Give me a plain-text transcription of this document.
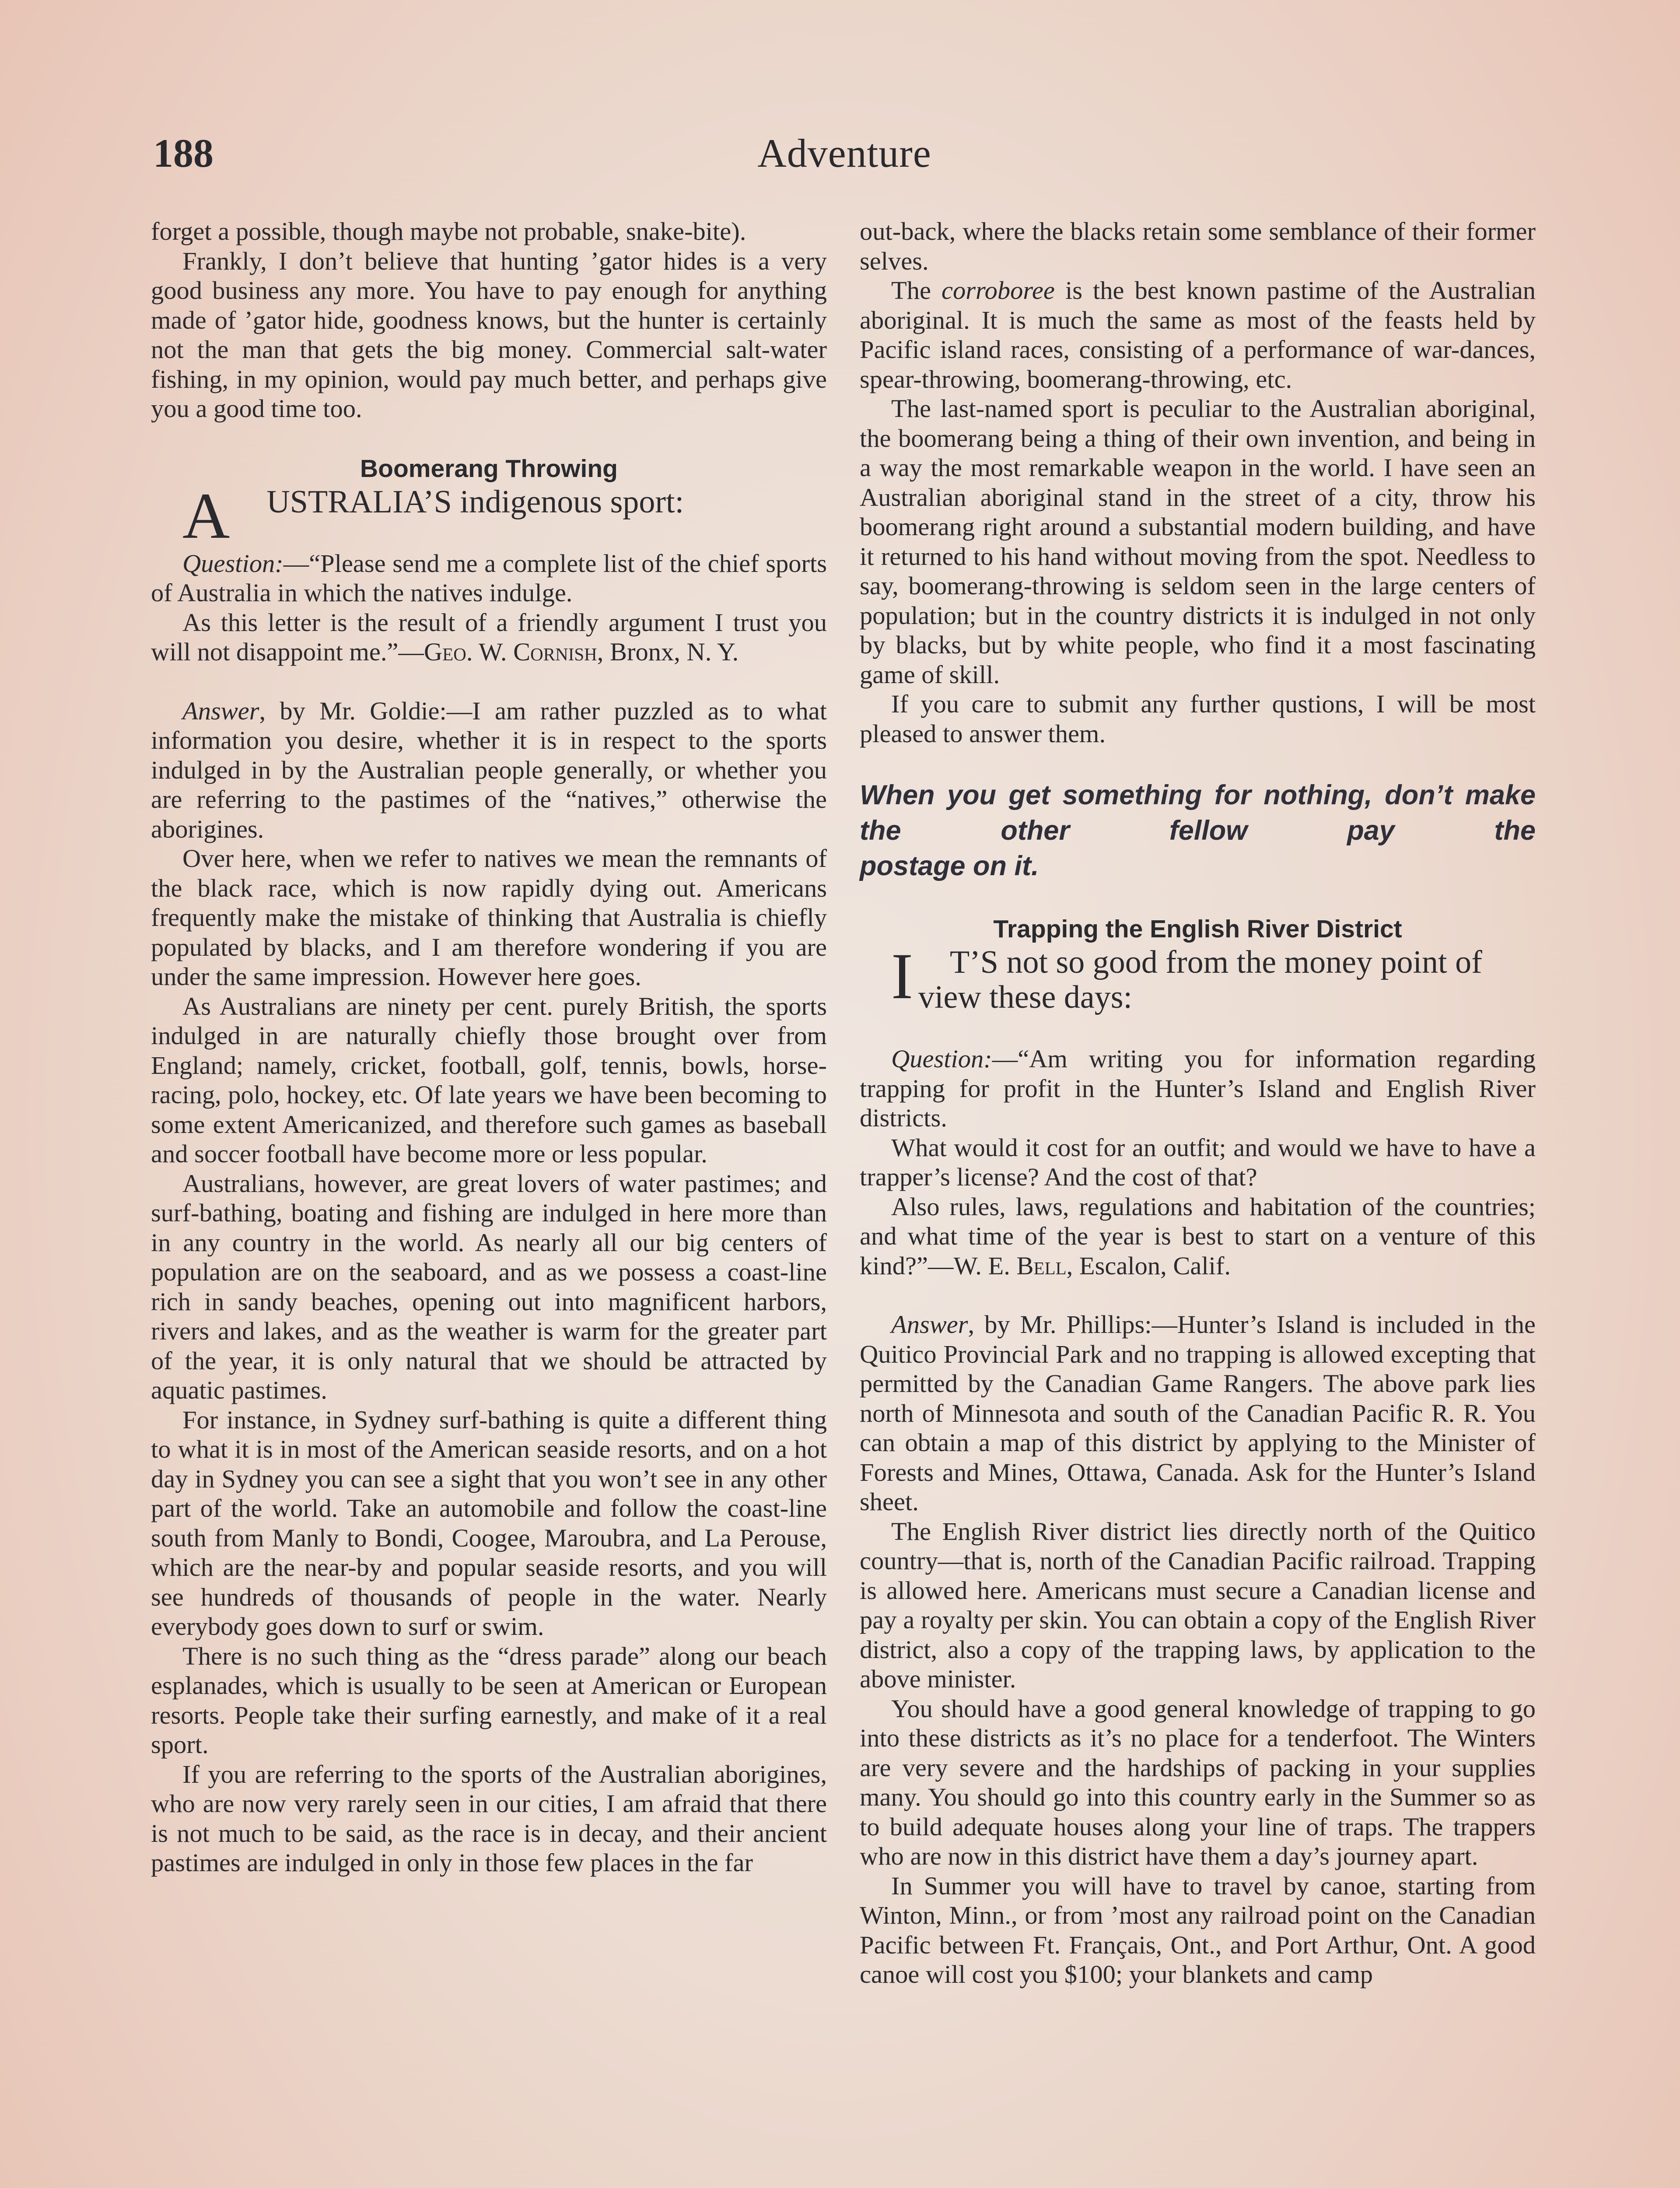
188	Adventure

forget a possible, though maybe not probable, snake-bite).

Frankly, I don’t believe that hunting ’gator hides is a very good business any more. You have to pay enough for anything made of ’gator hide, goodness knows, but the hunter is certainly not the man that gets the big money. Commercial salt-water fishing, in my opinion, would pay much better, and perhaps give you a good time too.

Boomerang Throwing

A USTRALIA’S indigenous sport:

Question:—“Please send me a complete list of the chief sports of Australia in which the natives indulge.

As this letter is the result of a friendly argument I trust you will not disappoint me.”—Geo. W. Cornish, Bronx, N. Y.

Answer, by Mr. Goldie:—I am rather puzzled as to what information you desire, whether it is in respect to the sports indulged in by the Australian people generally, or whether you are referring to the pastimes of the “natives,” otherwise the aborigines.

Over here, when we refer to natives we mean the remnants of the black race, which is now rapidly dying out. Americans frequently make the mistake of thinking that Australia is chiefly populated by blacks, and I am therefore wondering if you are under the same impression. However here goes.

As Australians are ninety per cent. purely British, the sports indulged in are naturally chiefly those brought over from England; namely, cricket, football, golf, tennis, bowls, horse-racing, polo, hockey, etc. Of late years we have been becoming to some extent Americanized, and therefore such games as baseball and soccer football have become more or less popular.

Australians, however, are great lovers of water pastimes; and surf-bathing, boating and fishing are indulged in here more than in any country in the world. As nearly all our big centers of population are on the seaboard, and as we possess a coast-line rich in sandy beaches, opening out into magnificent harbors, rivers and lakes, and as the weather is warm for the greater part of the year, it is only natural that we should be attracted by aquatic pastimes.

For instance, in Sydney surf-bathing is quite a different thing to what it is in most of the American seaside resorts, and on a hot day in Sydney you can see a sight that you won’t see in any other part of the world. Take an automobile and follow the coast-line south from Manly to Bondi, Coogee, Maroubra, and La Perouse, which are the near-by and popular seaside resorts, and you will see hundreds of thousands of people in the water. Nearly everybody goes down to surf or swim.

There is no such thing as the “dress parade” along our beach esplanades, which is usually to be seen at American or European resorts. People take their surfing earnestly, and make of it a real sport.

If you are referring to the sports of the Australian aborigines, who are now very rarely seen in our cities, I am afraid that there is not much to be said, as the race is in decay, and their ancient pastimes are indulged in only in those few places in the far

out-back, where the blacks retain some semblance of their former selves.

The corroboree is the best known pastime of the Australian aboriginal. It is much the same as most of the feasts held by Pacific island races, consisting of a performance of war-dances, spear-throwing, boomerang-throwing, etc.

The last-named sport is peculiar to the Australian aboriginal, the boomerang being a thing of their own invention, and being in a way the most remarkable weapon in the world. I have seen an Australian aboriginal stand in the street of a city, throw his boomerang right around a substantial modern building, and have it returned to his hand without moving from the spot. Needless to say, boomerang-throwing is seldom seen in the large centers of population; but in the country districts it is indulged in not only by blacks, but by white people, who find it a most fascinating game of skill.

If you care to submit any further qustions, I will be most pleased to answer them.

When you get something for nothing, don’t make the other fellow pay the
postage on it.
Trapping the English River District

I T’S not so good from the money point of view these days:

Question:—“Am writing you for information regarding trapping for profit in the Hunter’s Island and English River districts.

What would it cost for an outfit; and would we have to have a trapper’s license? And the cost of that?

Also rules, laws, regulations and habitation of the countries; and what time of the year is best to start on a venture of this kind?”—W. E. Bell, Escalon, Calif.

Answer, by Mr. Phillips:—Hunter’s Island is included in the Quitico Provincial Park and no trapping is allowed excepting that permitted by the Canadian Game Rangers. The above park lies north of Minnesota and south of the Canadian Pacific R. R. You can obtain a map of this district by applying to the Minister of Forests and Mines, Ottawa, Canada. Ask for the Hunter’s Island sheet.

The English River district lies directly north of the Quitico country—that is, north of the Canadian Pacific railroad. Trapping is allowed here. Americans must secure a Canadian license and pay a royalty per skin. You can obtain a copy of the English River district, also a copy of the trapping laws, by application to the above minister.

You should have a good general knowledge of trapping to go into these districts as it’s no place for a tenderfoot. The Winters are very severe and the hardships of packing in your supplies many. You should go into this country early in the Summer so as to build adequate houses along your line of traps. The trappers who are now in this district have them a day’s journey apart.

In Summer you will have to travel by canoe, starting from Winton, Minn., or from ’most any railroad point on the Canadian Pacific between Ft. Français, Ont., and Port Arthur, Ont. A good canoe will cost you $100; your blankets and camp
